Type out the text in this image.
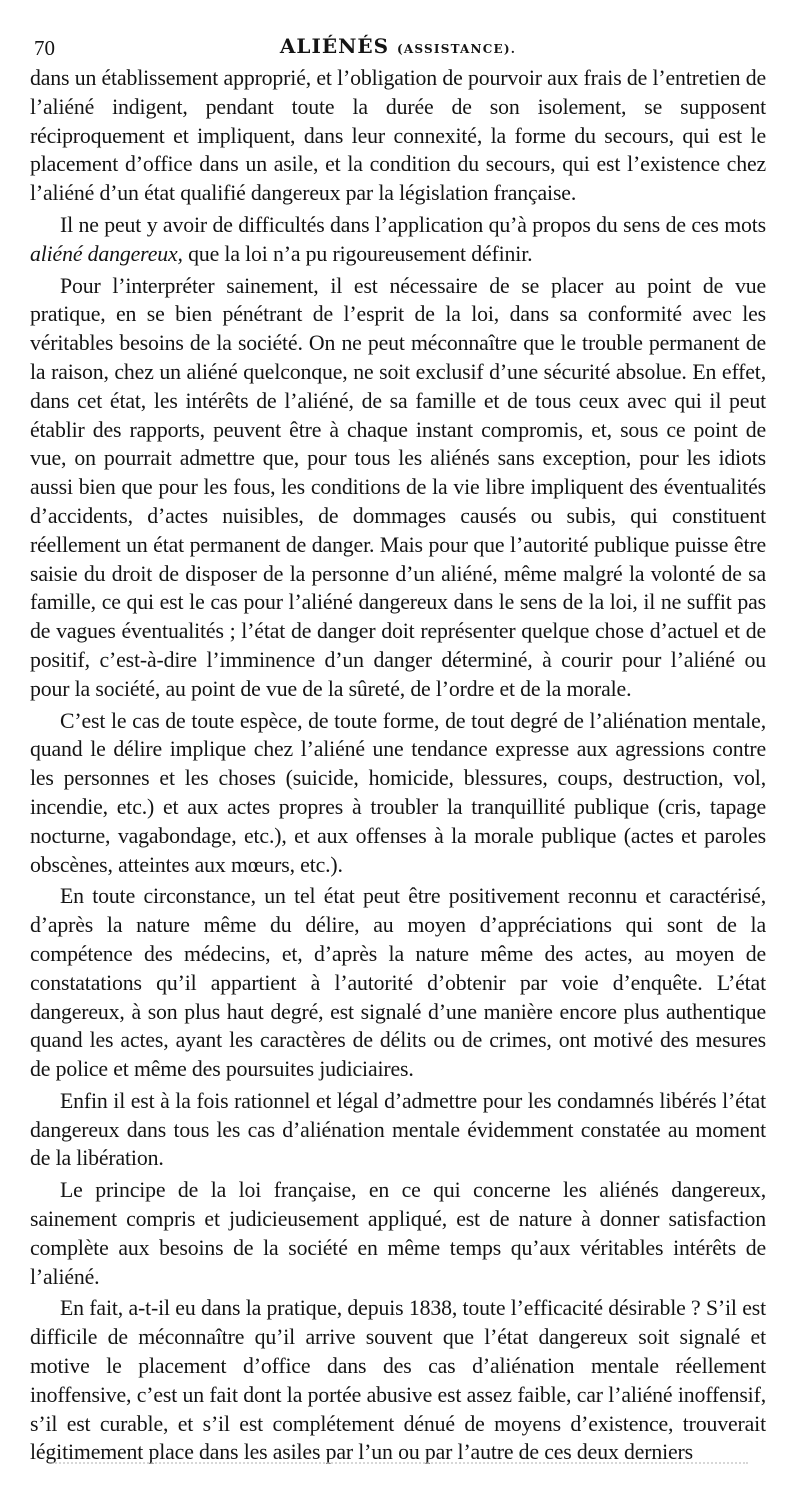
70	ALIÉNÉS (ASSISTANCE).

dans un établissement approprié, et l’obligation de pourvoir aux frais de l’entretien de l’aliéné indigent, pendant toute la durée de son isolement, se supposent réciproquement et impliquent, dans leur connexité, la forme du secours, qui est le placement d’office dans un asile, et la condition du secours, qui est l’existence chez l’aliéné d’un état qualifié dangereux par la législation française.

Il ne peut y avoir de difficultés dans l’application qu’à propos du sens de ces mots aliéné dangereux, que la loi n’a pu rigoureusement définir.

Pour l’interpréter sainement, il est nécessaire de se placer au point de vue pratique, en se bien pénétrant de l’esprit de la loi, dans sa conformité avec les véritables besoins de la société. On ne peut méconnaître que le trouble permanent de la raison, chez un aliéné quelconque, ne soit exclusif d’une sécurité absolue. En effet, dans cet état, les intérêts de l’aliéné, de sa famille et de tous ceux avec qui il peut établir des rapports, peuvent être à chaque instant compromis, et, sous ce point de vue, on pourrait admettre que, pour tous les aliénés sans exception, pour les idiots aussi bien que pour les fous, les conditions de la vie libre impliquent des éventualités d’accidents, d’actes nuisibles, de dommages causés ou subis, qui constituent réellement un état permanent de danger. Mais pour que l’autorité publique puisse être saisie du droit de disposer de la personne d’un aliéné, même malgré la volonté de sa famille, ce qui est le cas pour l’aliéné dangereux dans le sens de la loi, il ne suffit pas de vagues éventualités ; l’état de danger doit représenter quelque chose d’actuel et de positif, c’est-à-dire l’imminence d’un danger déterminé, à courir pour l’aliéné ou pour la société, au point de vue de la sûreté, de l’ordre et de la morale.

C’est le cas de toute espèce, de toute forme, de tout degré de l’aliénation mentale, quand le délire implique chez l’aliéné une tendance expresse aux agressions contre les personnes et les choses (suicide, homicide, blessures, coups, destruction, vol, incendie, etc.) et aux actes propres à troubler la tranquillité publique (cris, tapage nocturne, vagabondage, etc.), et aux offenses à la morale publique (actes et paroles obscènes, atteintes aux mœurs, etc.).

En toute circonstance, un tel état peut être positivement reconnu et caractérisé, d’après la nature même du délire, au moyen d’appréciations qui sont de la compétence des médecins, et, d’après la nature même des actes, au moyen de constatations qu’il appartient à l’autorité d’obtenir par voie d’enquête. L’état dangereux, à son plus haut degré, est signalé d’une manière encore plus authentique quand les actes, ayant les caractères de délits ou de crimes, ont motivé des mesures de police et même des poursuites judiciaires.

Enfin il est à la fois rationnel et légal d’admettre pour les condamnés libérés l’état dangereux dans tous les cas d’aliénation mentale évidemment constatée au moment de la libération.

Le principe de la loi française, en ce qui concerne les aliénés dangereux, sainement compris et judicieusement appliqué, est de nature à donner satisfaction complète aux besoins de la société en même temps qu’aux véritables intérêts de l’aliéné.

En fait, a-t-il eu dans la pratique, depuis 1838, toute l’efficacité désirable ? S’il est difficile de méconnaître qu’il arrive souvent que l’état dangereux soit signalé et motive le placement d’office dans des cas d’aliénation mentale réellement inoffensive, c’est un fait dont la portée abusive est assez faible, car l’aliéné inoffensif, s’il est curable, et s’il est complétement dénué de moyens d’existence, trouverait légitimement place dans les asiles par l’un ou par l’autre de ces deux derniers
